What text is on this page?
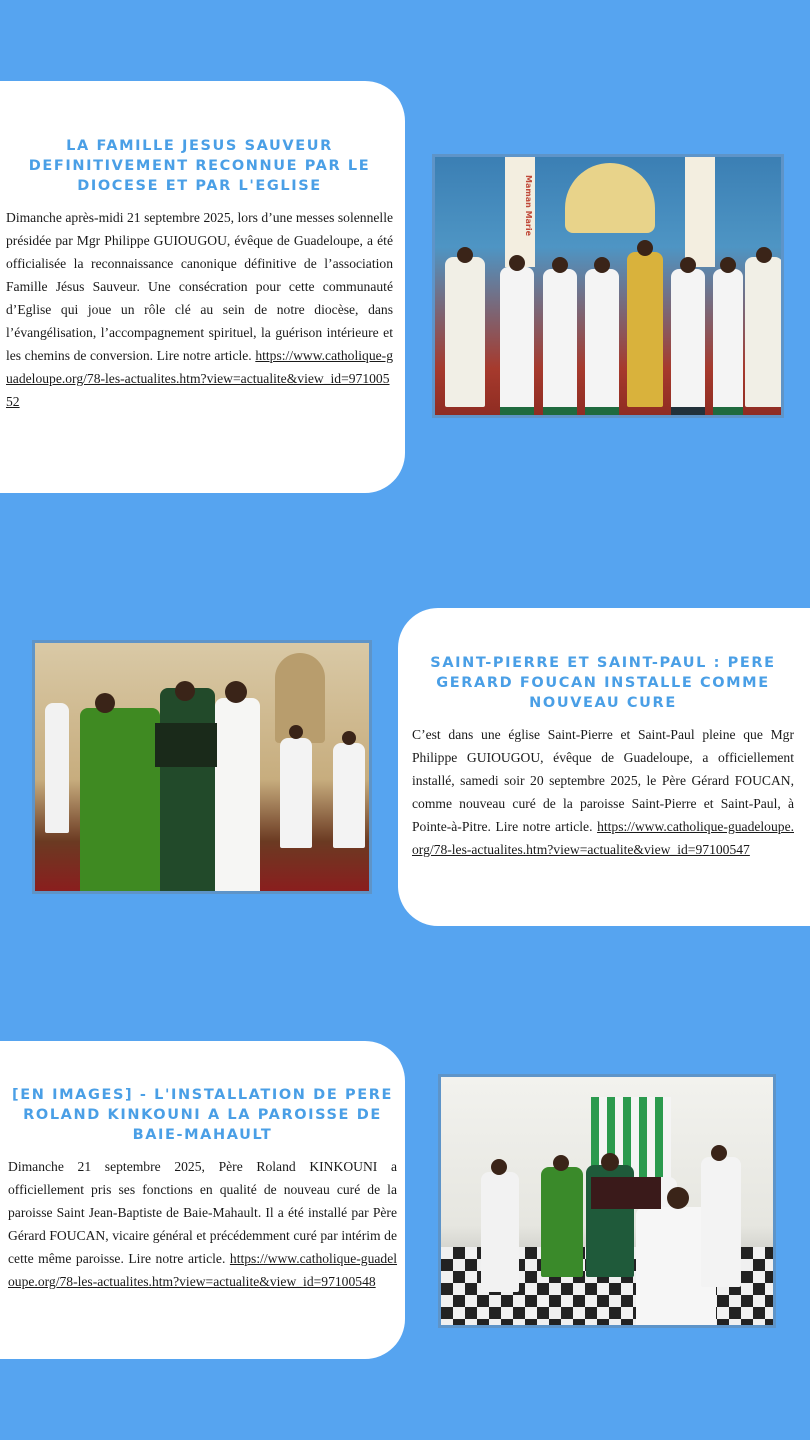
LA FAMILLE JESUS SAUVEUR DEFINITIVEMENT RECONNUE PAR LE DIOCESE ET PAR L'EGLISE

Dimanche après-midi 21 septembre 2025, lors d’une messes solennelle présidée par Mgr Philippe GUIOUGOU, évêque de Guadeloupe, a été officialisée la reconnaissance canonique définitive de l’association Famille Jésus Sauveur. Une consécration pour cette communauté d’Eglise qui joue un rôle clé au sein de notre diocèse, dans l’évangélisation, l’accompagnement spirituel, la guérison intérieure et les chemins de conversion. Lire notre article. https://www.catholique-guadeloupe.org/78-les-actualites.htm?view=actualite&view_id=97100552

Maman Marie
SAINT-PIERRE ET SAINT-PAUL : PERE GERARD FOUCAN INSTALLE COMME NOUVEAU CURE

C’est dans une église Saint-Pierre et Saint-Paul pleine que Mgr Philippe GUIOUGOU, évêque de Guadeloupe, a officiellement installé, samedi soir 20 septembre 2025, le Père Gérard FOUCAN, comme nouveau curé de la paroisse Saint-Pierre et Saint-Paul, à Pointe-à-Pitre. Lire notre article. https://www.catholique-guadeloupe.org/78-les-actualites.htm?view=actualite&view_id=97100547

[EN IMAGES] - L'INSTALLATION DE PERE ROLAND KINKOUNI A LA PAROISSE DE BAIE-MAHAULT

Dimanche 21 septembre 2025, Père Roland KINKOUNI a officiellement pris ses fonctions en qualité de nouveau curé de la paroisse Saint Jean-Baptiste de Baie-Mahault. Il a été installé par Père Gérard FOUCAN, vicaire général et précédemment curé par intérim de cette même paroisse. Lire notre article. https://www.catholique-guadeloupe.org/78-les-actualites.htm?view=actualite&view_id=97100548
